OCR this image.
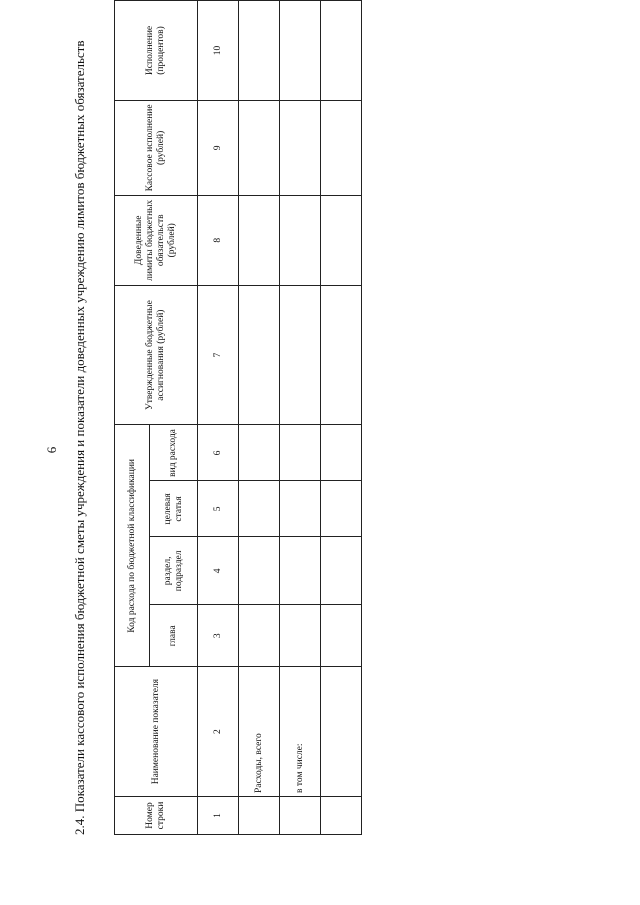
6 2.4. Показатели кассового исполнения бюджетной сметы учреждения и показатели доведенных учреждению лимитов бюджетных обязательств	Номер строки	Наименование показателя	Код расхода по бюджетной классификации				Утвержденные бюджетные ассигнования (рублей)	Доведенные лимиты бюджетных обязательств (рублей)	Кассовое исполнение (рублей)	Исполнение (процентов)
		глава	раздел, подраздел	целевая статья	вид расхода				
1	2	3	4	5	6	7	8	9	10
	Расходы, всего								
	в том числе:								
